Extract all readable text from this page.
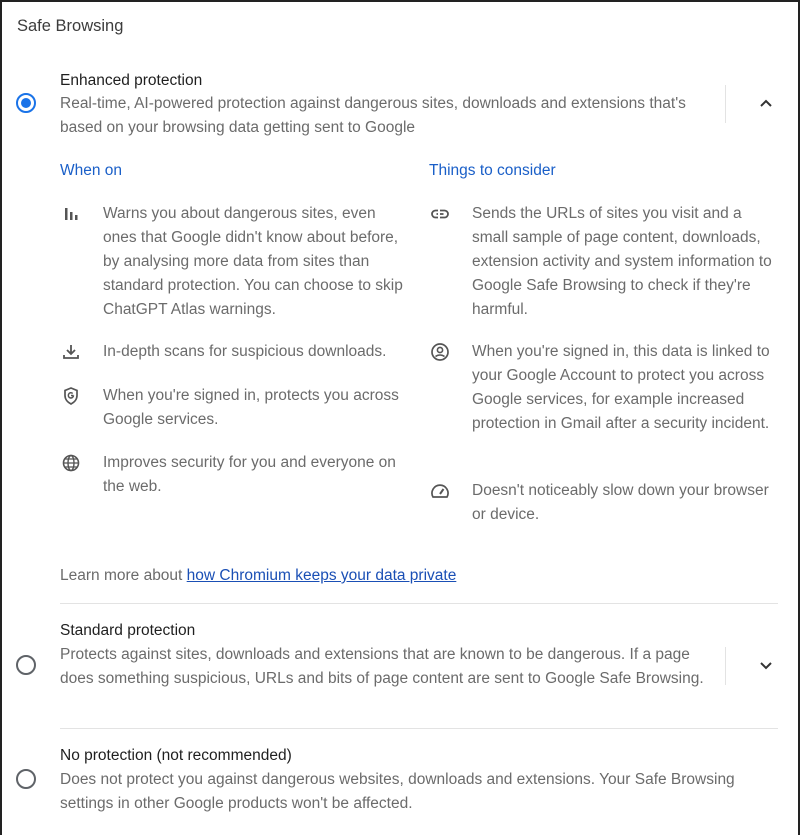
Safe Browsing
Enhanced protection
Real-time, AI-powered protection against dangerous sites, downloads and extensions that's based on your browsing data getting sent to Google
When on	Things to consider
Warns you about dangerous sites, even ones that Google didn't know about before, by analysing more data from sites than standard protection. You can choose to skip ChatGPT Atlas warnings.
In-depth scans for suspicious downloads.
When you're signed in, protects you across Google services.
Improves security for you and everyone on the web.
Sends the URLs of sites you visit and a small sample of page content, downloads, extension activity and system information to Google Safe Browsing to check if they're harmful.
When you're signed in, this data is linked to your Google Account to protect you across Google services, for example increased protection in Gmail after a security incident.
Doesn't noticeably slow down your browser or device.
Learn more about how Chromium keeps your data private
Standard protection
Protects against sites, downloads and extensions that are known to be dangerous. If a page does something suspicious, URLs and bits of page content are sent to Google Safe Browsing.
No protection (not recommended)
Does not protect you against dangerous websites, downloads and extensions. Your Safe Browsing settings in other Google products won't be affected.
